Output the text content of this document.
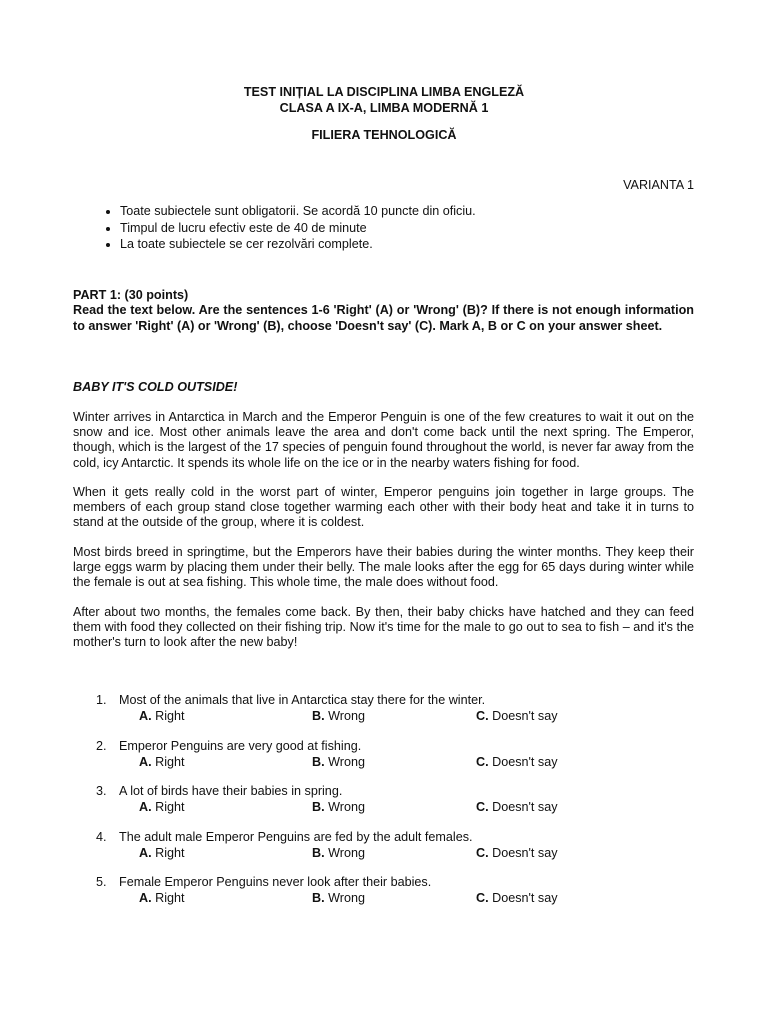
TEST INIȚIAL LA DISCIPLINA LIMBA ENGLEZĂ
CLASA A IX-A, LIMBA MODERNĂ 1
FILIERA TEHNOLOGICĂ
VARIANTA 1
• Toate subiectele sunt obligatorii. Se acordă 10 puncte din oficiu.
• Timpul de lucru efectiv este de 40 de minute
• La toate subiectele se cer rezolvări complete.
PART 1: (30 points)
Read the text below. Are the sentences 1-6 'Right' (A) or 'Wrong' (B)? If there is not enough information to answer 'Right' (A) or 'Wrong' (B), choose 'Doesn't say' (C). Mark A, B or C on your answer sheet.
BABY IT'S COLD OUTSIDE!

Winter arrives in Antarctica in March and the Emperor Penguin is one of the few creatures to wait it out on the snow and ice. Most other animals leave the area and don't come back until the next spring. The Emperor, though, which is the largest of the 17 species of penguin found throughout the world, is never far away from the cold, icy Antarctic. It spends its whole life on the ice or in the nearby waters fishing for food.

When it gets really cold in the worst part of winter, Emperor penguins join together in large groups. The members of each group stand close together warming each other with their body heat and take it in turns to stand at the outside of the group, where it is coldest.

Most birds breed in springtime, but the Emperors have their babies during the winter months. They keep their large eggs warm by placing them under their belly. The male looks after the egg for 65 days during winter while the female is out at sea fishing. This whole time, the male does without food.

After about two months, the females come back. By then, their baby chicks have hatched and they can feed them with food they collected on their fishing trip. Now it's time for the male to go out to sea to fish – and it's the mother's turn to look after the new baby!

1. Most of the animals that live in Antarctica stay there for the winter.
A. Right	B. Wrong	C. Doesn't say
2. Emperor Penguins are very good at fishing.
A. Right	B. Wrong	C. Doesn't say
3. A lot of birds have their babies in spring.
A. Right	B. Wrong	C. Doesn't say
4. The adult male Emperor Penguins are fed by the adult females.
A. Right	B. Wrong	C. Doesn't say
5. Female Emperor Penguins never look after their babies.
A. Right	B. Wrong	C. Doesn't say
